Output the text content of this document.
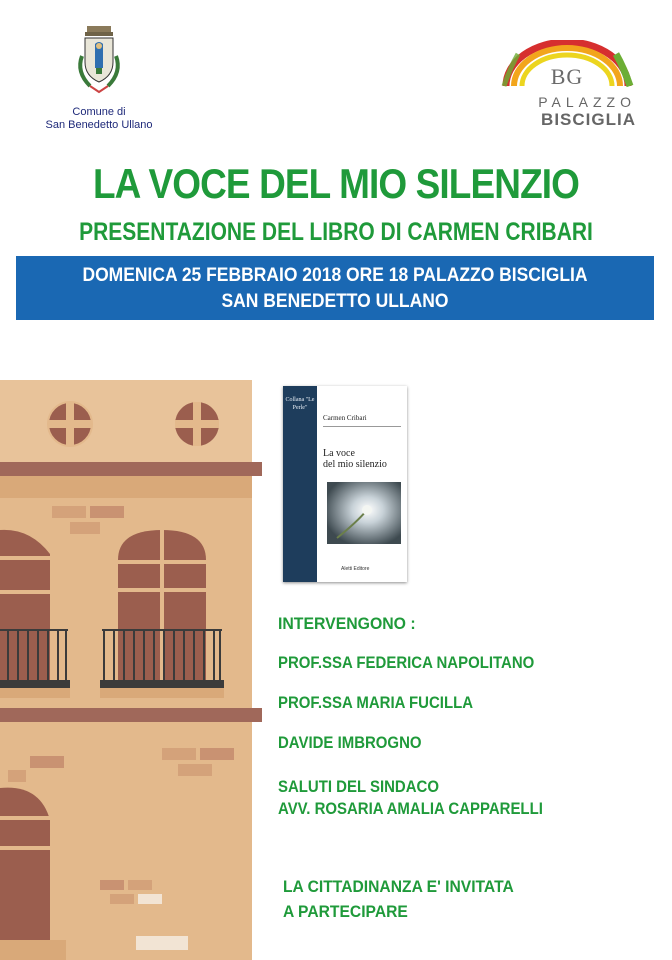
Comune di
San Benedetto Ullano
BG
PALAZZO
BISCIGLIA
LA VOCE DEL MIO SILENZIO
PRESENTAZIONE DEL LIBRO DI CARMEN CRIBARI
DOMENICA 25 FEBBRAIO 2018 ORE 18 PALAZZO BISCIGLIA
SAN BENEDETTO ULLANO
Collana "Le Perle"
Carmen Cribari
La voce
del mio silenzio
Aletti Editore
INTERVENGONO :
PROF.SSA FEDERICA NAPOLITANO
PROF.SSA MARIA FUCILLA
DAVIDE IMBROGNO
SALUTI DEL SINDACO
AVV. ROSARIA AMALIA CAPPARELLI
LA CITTADINANZA E' INVITATA
A PARTECIPARE
